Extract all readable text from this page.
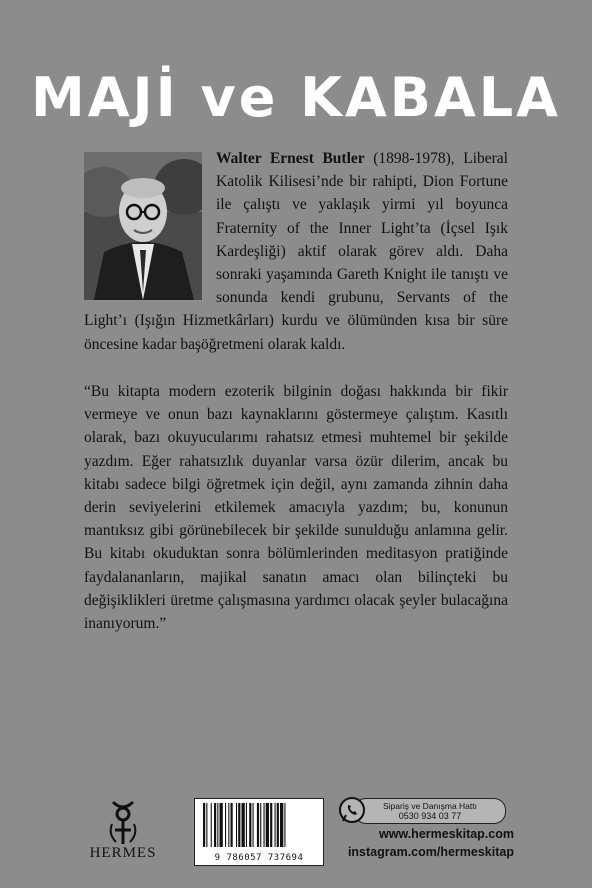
MAJİ ve KABALA
Walter Ernest Butler (1898-1978), Liberal Katolik Kilisesi’nde bir rahipti, Dion Fortune ile çalıştı ve yaklaşık yirmi yıl boyunca Fraternity of the Inner Light’ta (İçsel Işık Kardeşliği) aktif olarak görev aldı. Daha sonraki yaşamında Gareth Knight ile tanıştı ve sonunda kendi grubunu, Servants of the Light’ı (Işığın Hizmetkârları) kurdu ve ölümünden kısa bir süre öncesine kadar başöğretmeni olarak kaldı.
“Bu kitapta modern ezoterik bilginin doğası hakkında bir fikir vermeye ve onun bazı kaynaklarını göstermeye çalıştım. Kasıtlı olarak, bazı okuyucularımı rahatsız etmesi muhtemel bir şekilde yazdım. Eğer rahatsızlık duyanlar varsa özür dilerim, ancak bu kitabı sadece bilgi öğretmek için değil, aynı zamanda zihnin daha derin seviyelerini etkilemek amacıyla yazdım; bu, konunun mantıksız gibi görünebilecek bir şekilde sunulduğu anlamına gelir. Bu kitabı okuduktan sonra bölümlerinden meditasyon pratiğinde faydalananların, majikal sanatın amacı olan bilinçteki bu değişiklikleri üretme çalışmasına yardımcı olacak şeyler bulacağına inanıyorum.”
HERMES	9 786057 737694
Sipariş ve Danışma Hattı
0530 934 03 77
www.hermeskitap.com
instagram.com/hermeskitap
